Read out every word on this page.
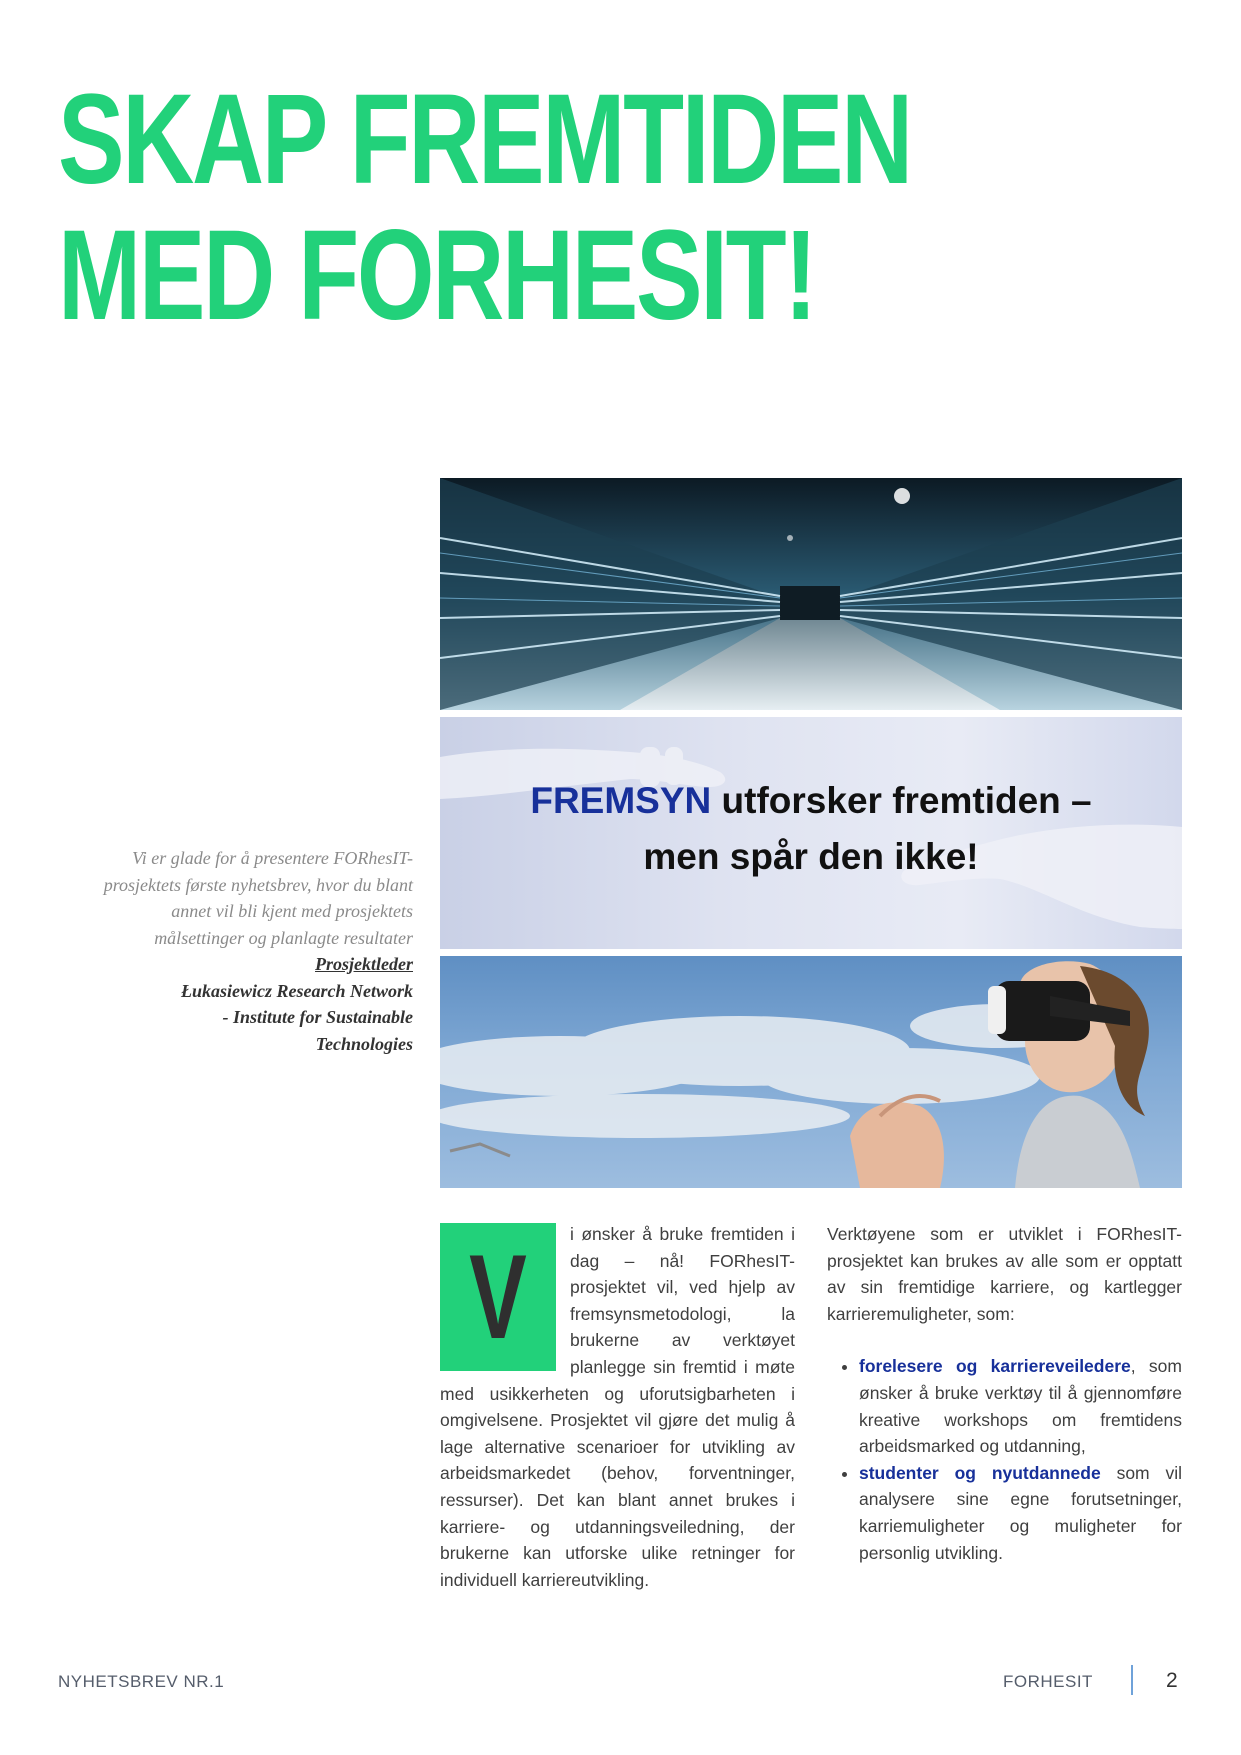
SKAP FREMTIDEN
MED FORHESIT!
Vi er glade for å presentere FORhesIT-prosjektets første nyhetsbrev, hvor du blant annet vil bli kjent med prosjektets målsettinger og planlagte resultater
Prosjektleder
Łukasiewicz Research Network
- Institute for Sustainable
Technologies
FREMSYN utforsker fremtiden –
men spår den ikke!
V	i ønsker å bruke fremtiden i dag – nå! FORhesIT-prosjektet vil, ved hjelp av fremsynsmetodologi, la brukerne av verktøyet planlegge sin fremtid i møte med usikkerheten og uforutsigbarheten i omgivelsene. Prosjektet vil gjøre det mulig å lage alternative scenarioer for utvikling av arbeidsmarkedet (behov, forventninger, ressurser). Det kan blant annet brukes i karriere- og utdanningsveiledning, der brukerne kan utforske ulike retninger for individuell karriereutvikling.

Verktøyene som er utviklet i FORhesIT-prosjektet kan brukes av alle som er opptatt av sin fremtidige karriere, og kartlegger karrieremuligheter, som:

• forelesere og karriereveiledere, som ønsker å bruke verktøy til å gjennomføre kreative workshops om fremtidens arbeidsmarked og utdanning,
• studenter og nyutdannede som vil analysere sine egne forutsetninger, karriemuligheter og muligheter for personlig utvikling.
NYHETSBREV NR.1	FORHESIT	2
